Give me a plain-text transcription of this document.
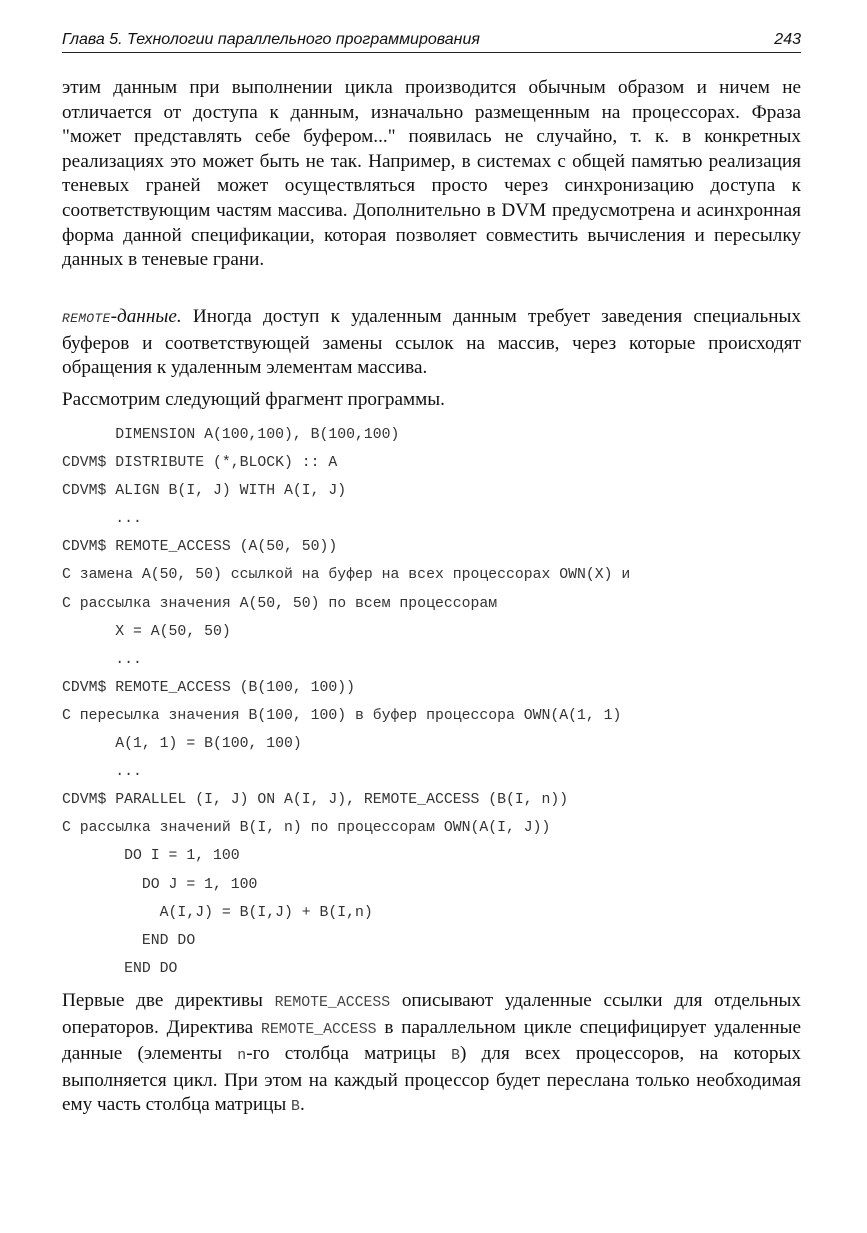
Глава 5. Технологии параллельного программирования	243
этим данным при выполнении цикла производится обычным образом и ничем не отличается от доступа к данным, изначально размещенным на процессорах. Фраза "может представлять себе буфером..." появилась не случайно, т. к. в конкретных реализациях это может быть не так. Например, в системах с общей памятью реализация теневых граней может осуществляться просто через синхронизацию доступа к соответствующим частям массива. Дополнительно в DVM предусмотрена и асинхронная форма данной спецификации, которая позволяет совместить вычисления и пересылку данных в теневые грани.
REMOTE-данные. Иногда доступ к удаленным данным требует заведения специальных буферов и соответствующей замены ссылок на массив, через которые происходят обращения к удаленным элементам массива.
Рассмотрим следующий фрагмент программы.
DIMENSION A(100,100), B(100,100)
CDVM$ DISTRIBUTE (*,BLOCK) :: A
CDVM$ ALIGN B(I, J) WITH A(I, J)
...
CDVM$ REMOTE_ACCESS (A(50, 50))
C замена A(50, 50) ссылкой на буфер на всех процессорах OWN(X) и
C рассылка значения A(50, 50) по всем процессорам
X = A(50, 50)
...
CDVM$ REMOTE_ACCESS (B(100, 100))
C пересылка значения B(100, 100) в буфер процессора OWN(A(1, 1)
A(1, 1) = B(100, 100)
...
CDVM$ PARALLEL (I, J) ON A(I, J), REMOTE_ACCESS (B(I, n))
C рассылка значений B(I, n) по процессорам OWN(A(I, J))
DO I = 1, 100
DO J = 1, 100
A(I,J) = B(I,J) + B(I,n)
END DO
END DO
Первые две директивы REMOTE_ACCESS описывают удаленные ссылки для отдельных операторов. Директива REMOTE_ACCESS в параллельном цикле специфицирует удаленные данные (элементы n-го столбца матрицы B) для всех процессоров, на которых выполняется цикл. При этом на каждый процессор будет переслана только необходимая ему часть столбца матрицы B.
